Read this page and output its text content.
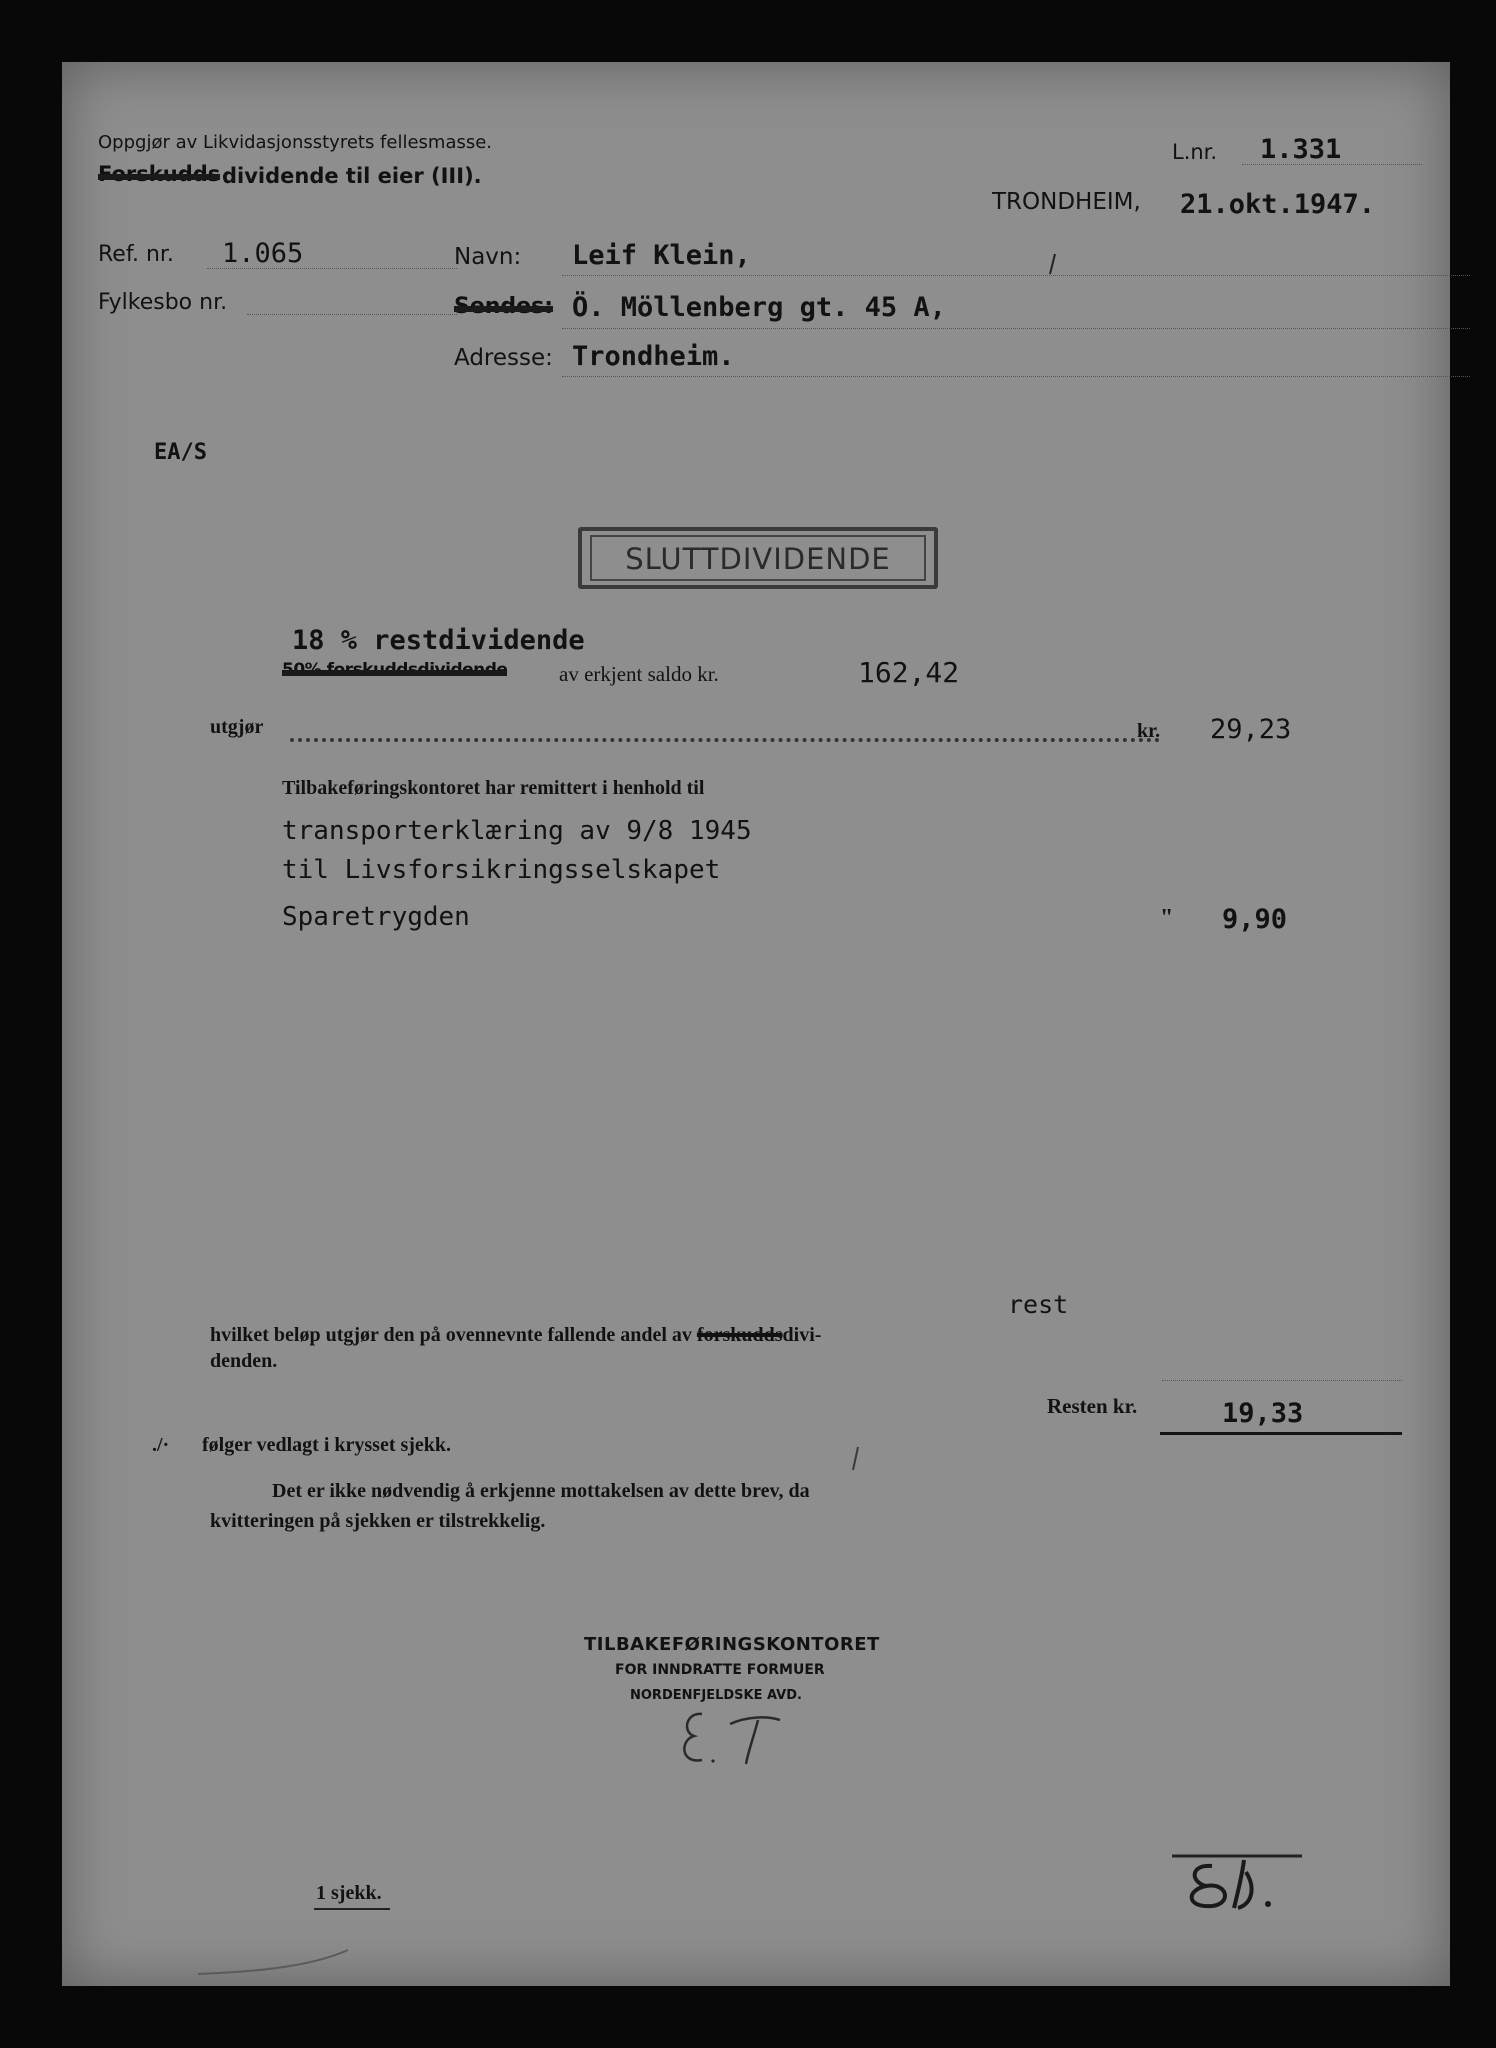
Oppgjør av Likvidasjonsstyrets fellesmasse.
Forskudds dividende til eier (III).
L.nr. 1.331
TRONDHEIM, 21.okt.1947.
Ref. nr. 1.065
Fylkesbo nr.
Navn: Leif Klein,
Sendes: Ö. Möllenberg gt. 45 A,
Adresse: Trondheim.
EA/S
SLUTTDIVIDENDE
18 % restdividende
50% forskuddsdividende av erkjent saldo kr.	162,42
utgjør	kr. 29,23
Tilbakeføringskontoret har remittert i henhold til
transporterklæring av 9/8 1945
til Livsforsikringsselskapet
Sparetrygden	" 9,90
rest
hvilket beløp utgjør den på ovennevnte fallende andel av forskuddsdivi-
denden.
Resten kr.	19,33
./· følger vedlagt i krysset sjekk.
Det er ikke nødvendig å erkjenne mottakelsen av dette brev, da
kvitteringen på sjekken er tilstrekkelig.
TILBAKEFØRINGSKONTORET
FOR INNDRATTE FORMUER
NORDENFJELDSKE AVD.
1 sjekk.
